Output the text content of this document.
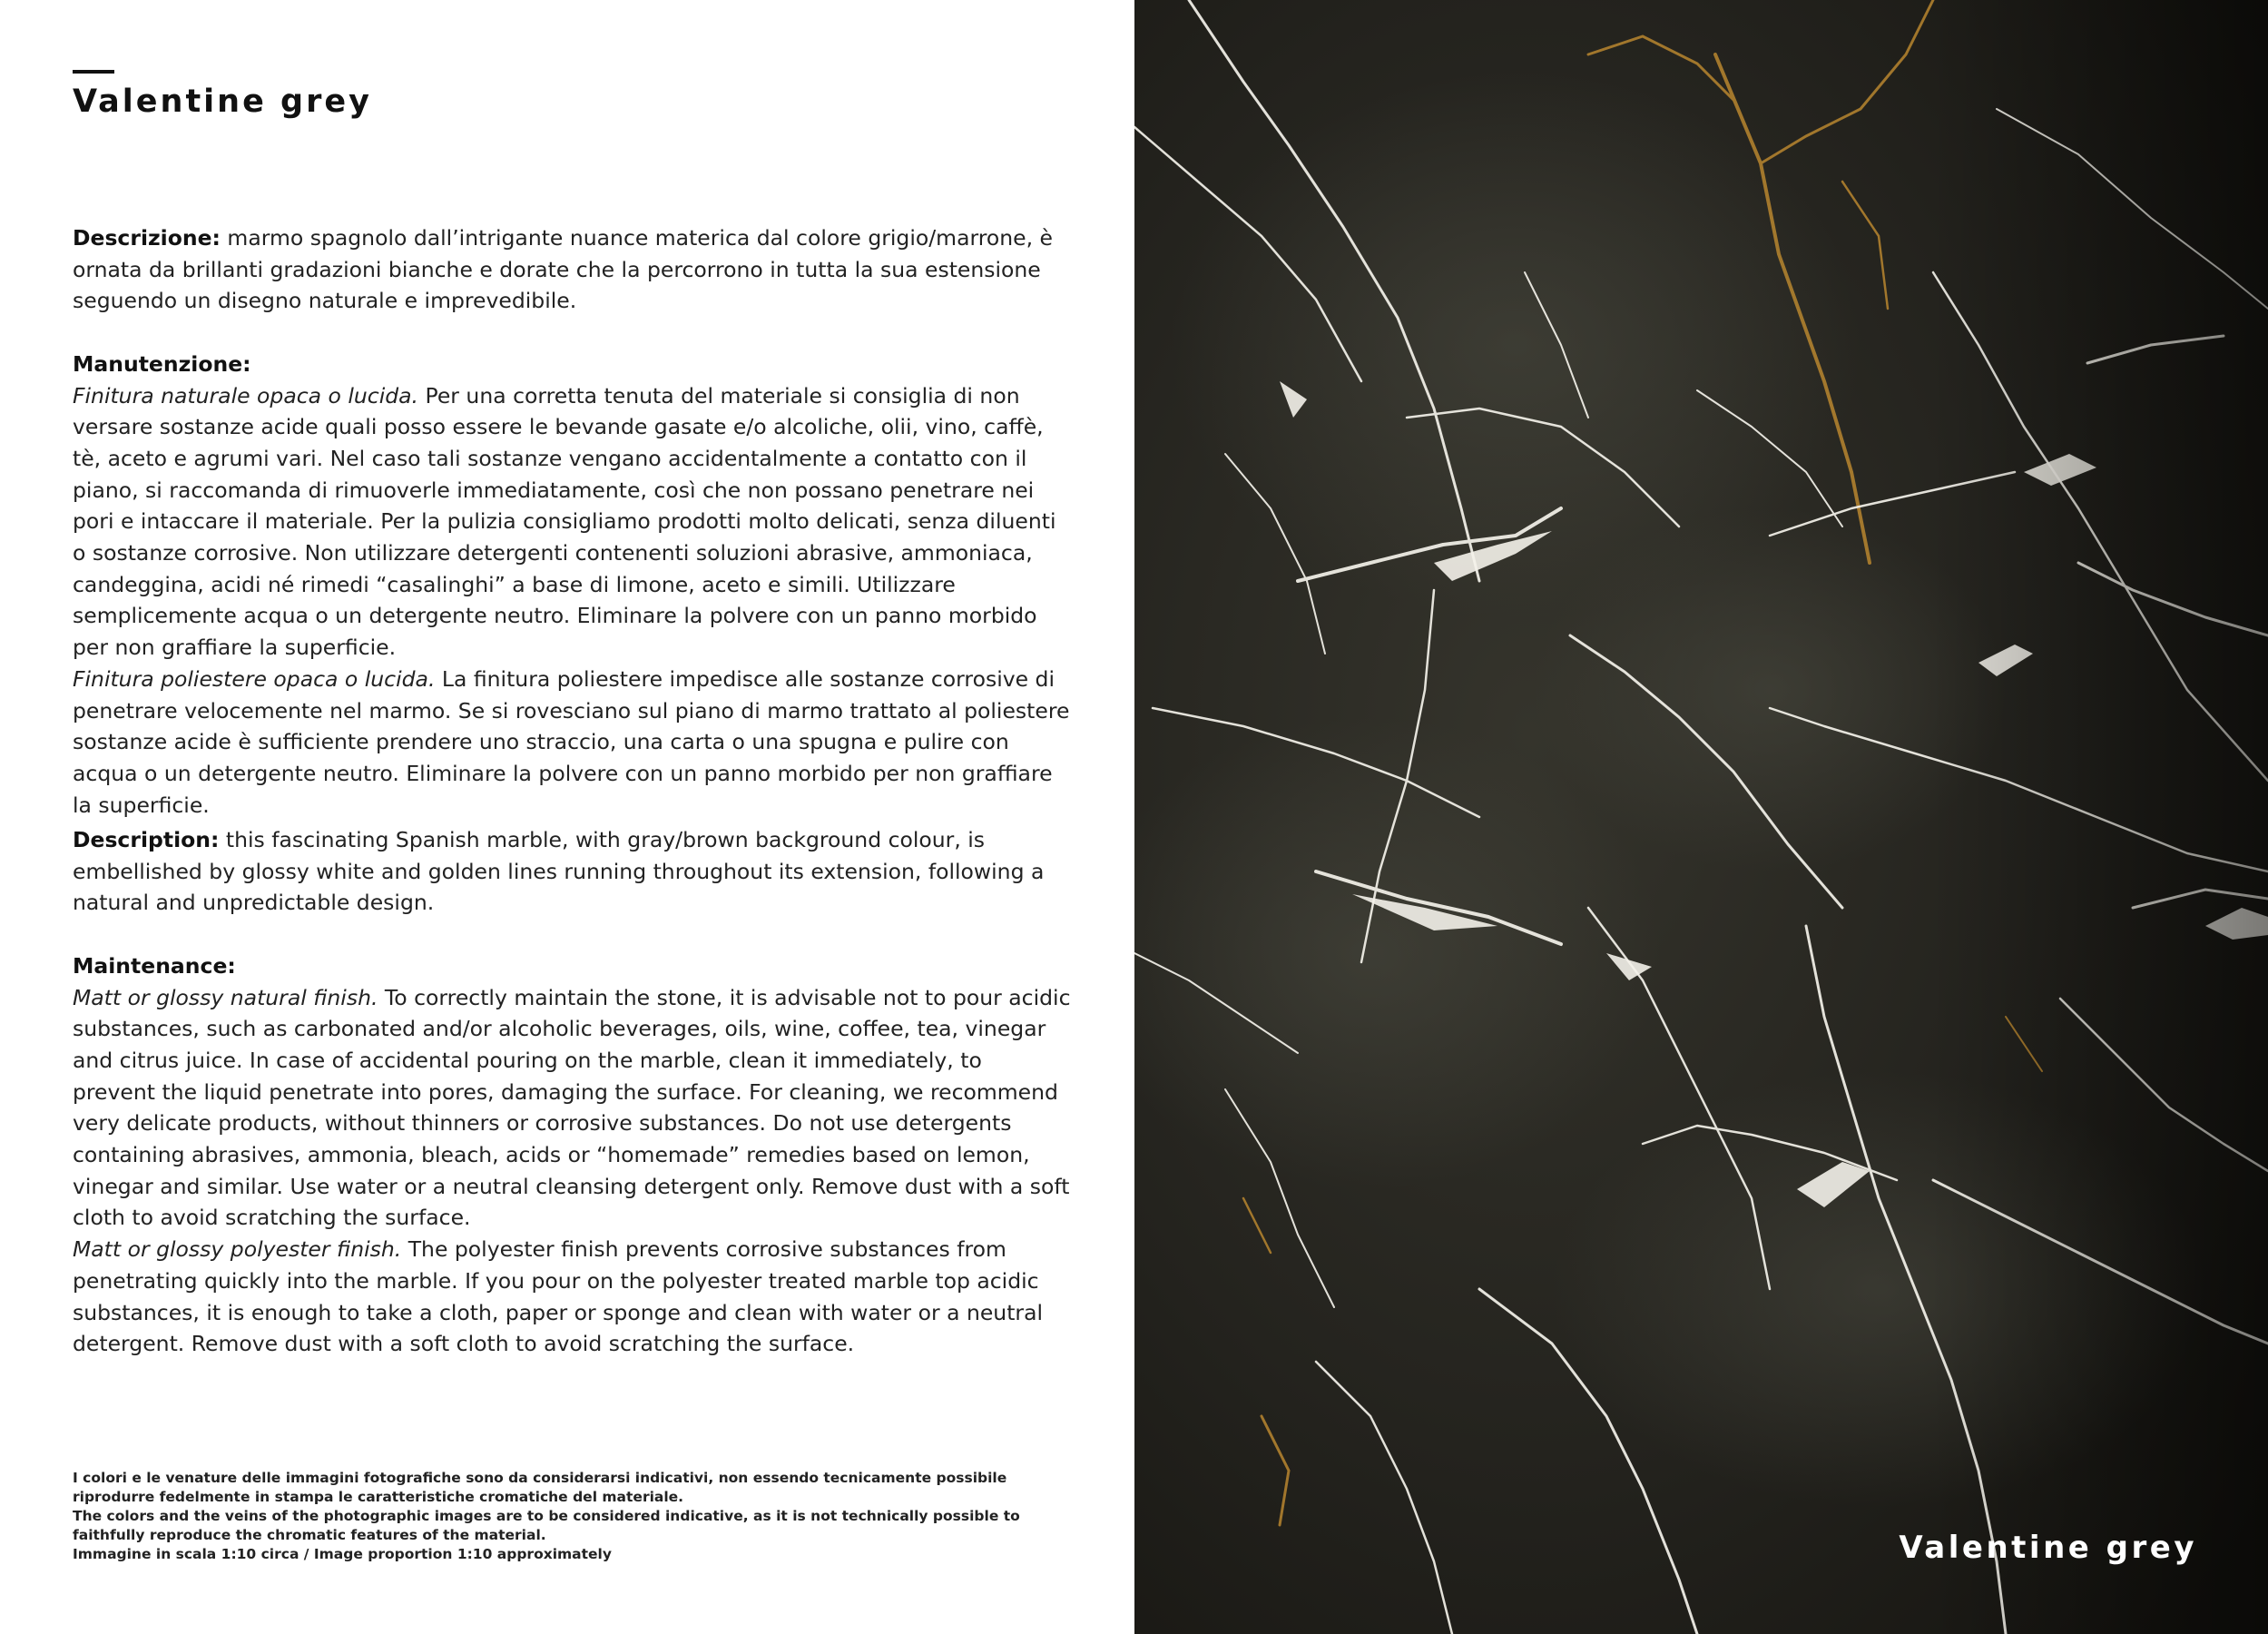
Valentine grey

Descrizione: marmo spagnolo dall’intrigante nuance materica dal colore grigio/marrone, è ornata da brillanti gradazioni bianche e dorate che la percorrono in tutta la sua estensione seguendo un disegno naturale e imprevedibile.

Manutenzione:

Finitura naturale opaca o lucida. Per una corretta tenuta del materiale si consiglia di non versare sostanze acide quali posso essere le bevande gasate e/o alcoliche, olii, vino, caffè, tè, aceto e agrumi vari. Nel caso tali sostanze vengano accidentalmente a contatto con il piano, si raccomanda di rimuoverle immediatamente, così che non possano penetrare nei pori e intaccare il materiale. Per la pulizia consigliamo prodotti molto delicati, senza diluenti o sostanze corrosive. Non utilizzare detergenti contenenti soluzioni abrasive, ammoniaca, candeggina, acidi né rimedi “casalinghi” a base di limone, aceto e simili. Utilizzare semplicemente acqua o un detergente neutro. Eliminare la polvere con un panno morbido per non graffiare la superficie.

Finitura poliestere opaca o lucida. La finitura poliestere impedisce alle sostanze corrosive di penetrare velocemente nel marmo. Se si rovesciano sul piano di marmo trattato al poliestere sostanze acide è sufficiente prendere uno straccio, una carta o una spugna e pulire con acqua o un detergente neutro. Eliminare la polvere con un panno morbido per non graffiare la superficie.

Description: this fascinating Spanish marble, with gray/brown background colour, is embellished by glossy white and golden lines running throughout its extension, following a natural and unpredictable design.

Maintenance:

Matt or glossy natural finish. To correctly maintain the stone, it is advisable not to pour acidic substances, such as carbonated and/or alcoholic beverages, oils, wine, coffee, tea, vinegar and citrus juice. In case of accidental pouring on the marble, clean it immediately, to prevent the liquid penetrate into pores, damaging the surface. For cleaning, we recommend very delicate products, without thinners or corrosive substances. Do not use detergents containing abrasives, ammonia, bleach, acids or “homemade” remedies based on lemon, vinegar and similar. Use water or a neutral cleansing detergent only. Remove dust with a soft cloth to avoid scratching the surface.

Matt or glossy polyester finish. The polyester finish prevents corrosive substances from penetrating quickly into the marble. If you pour on the polyester treated marble top acidic substances, it is enough to take a cloth, paper or sponge and clean with water or a neutral detergent. Remove dust with a soft cloth to avoid scratching the surface.

I colori e le venature delle immagini fotografiche sono da considerarsi indicativi, non essendo tecnicamente possibile riprodurre fedelmente in stampa le caratteristiche cromatiche del materiale.

The colors and the veins of the photographic images are to be considered indicative, as it is not technically possible to faithfully reproduce the chromatic features of the material.

Immagine in scala 1:10 circa / Image proportion 1:10 approximately	Valentine grey
